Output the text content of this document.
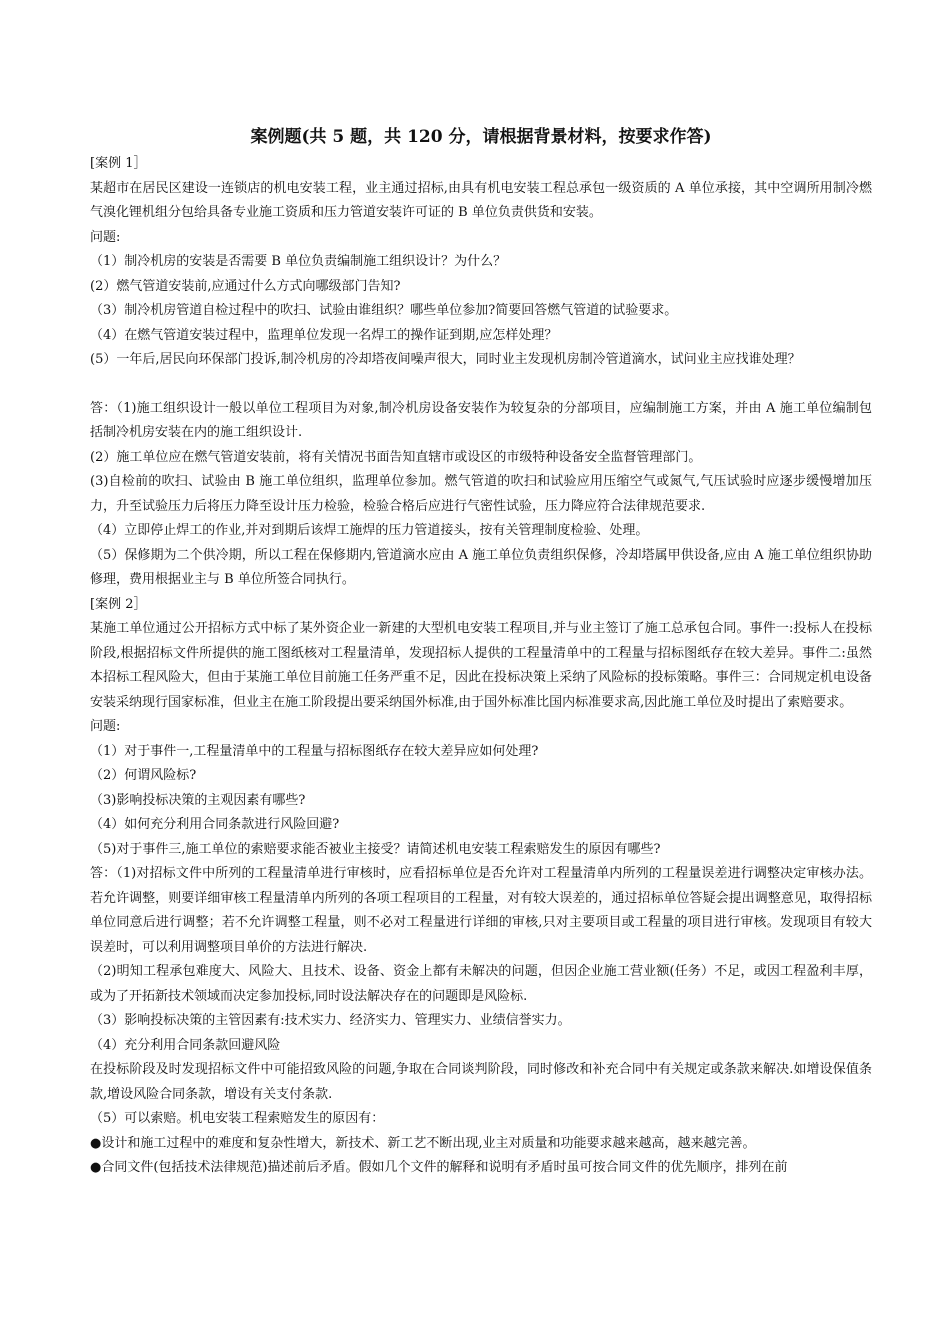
案例题(共 5 题，共 120 分，请根据背景材料，按要求作答)

[案例 1］

某超市在居民区建设一连锁店的机电安装工程，业主通过招标,由具有机电安装工程总承包一级资质的 A 单位承接，其中空调所用制冷燃气溴化锂机组分包给具备专业施工资质和压力管道安装许可证的 B 单位负责供货和安装。

问题:

（1）制冷机房的安装是否需要 B 单位负责编制施工组织设计？为什么？

(2）燃气管道安装前,应通过什么方式向哪级部门告知?

（3）制冷机房管道自检过程中的吹扫、试验由谁组织？哪些单位参加?简要回答燃气管道的试验要求。

（4）在燃气管道安装过程中，监理单位发现一名焊工的操作证到期,应怎样处理？

(5）一年后,居民向环保部门投诉,制冷机房的冷却塔夜间噪声很大，同时业主发现机房制冷管道滴水，试问业主应找谁处理？

答：（1)施工组织设计一般以单位工程项目为对象,制冷机房设备安装作为较复杂的分部项目，应编制施工方案，并由 A 施工单位编制包括制冷机房安装在内的施工组织设计.

(2）施工单位应在燃气管道安装前，将有关情况书面告知直辖市或设区的市级特种设备安全监督管理部门。

(3)自检前的吹扫、试验由 B 施工单位组织，监理单位参加。燃气管道的吹扫和试验应用压缩空气或氮气,气压试验时应逐步缓慢增加压力，升至试验压力后将压力降至设计压力检验，检验合格后应进行气密性试验，压力降应符合法律规范要求.

（4）立即停止焊工的作业,并对到期后该焊工施焊的压力管道接头，按有关管理制度检验、处理。

（5）保修期为二个供冷期，所以工程在保修期内,管道滴水应由 A 施工单位负责组织保修，冷却塔属甲供设备,应由 A 施工单位组织协助修理，费用根据业主与 B 单位所签合同执行。

[案例 2］

某施工单位通过公开招标方式中标了某外资企业一新建的大型机电安装工程项目,并与业主签订了施工总承包合同。事件一:投标人在投标阶段,根据招标文件所提供的施工图纸核对工程量清单，发现招标人提供的工程量清单中的工程量与招标图纸存在较大差异。事件二:虽然本招标工程风险大，但由于某施工单位目前施工任务严重不足，因此在投标决策上采纳了风险标的投标策略。事件三：合同规定机电设备安装采纳现行国家标准，但业主在施工阶段提出要采纳国外标准,由于国外标准比国内标准要求高,因此施工单位及时提出了索赔要求。

问题:

（1）对于事件一,工程量清单中的工程量与招标图纸存在较大差异应如何处理?

（2）何谓风险标?

（3)影响投标决策的主观因素有哪些?

（4）如何充分利用合同条款进行风险回避?

（5)对于事件三,施工单位的索赔要求能否被业主接受？请简述机电安装工程索赔发生的原因有哪些?

答：（1)对招标文件中所列的工程量清单进行审核时，应看招标单位是否允许对工程量清单内所列的工程量误差进行调整决定审核办法。若允许调整，则要详细审核工程量清单内所列的各项工程项目的工程量，对有较大误差的，通过招标单位答疑会提出调整意见，取得招标单位同意后进行调整；若不允许调整工程量，则不必对工程量进行详细的审核,只对主要项目或工程量的项目进行审核。发现项目有较大误差时，可以利用调整项目单价的方法进行解决.

（2)明知工程承包难度大、风险大、且技术、设备、资金上都有未解决的问题，但因企业施工营业额(任务）不足，或因工程盈利丰厚，或为了开拓新技术领域而决定参加投标,同时设法解决存在的问题即是风险标.

（3）影响投标决策的主管因素有:技术实力、经济实力、管理实力、业绩信誉实力。

（4）充分利用合同条款回避风险

在投标阶段及时发现招标文件中可能招致风险的问题,争取在合同谈判阶段，同时修改和补充合同中有关规定或条款来解决.如增设保值条款,增设风险合同条款，增设有关支付条款.

（5）可以索赔。机电安装工程索赔发生的原因有：

●设计和施工过程中的难度和复杂性增大，新技术、新工艺不断出现,业主对质量和功能要求越来越高，越来越完善。

●合同文件(包括技术法律规范)描述前后矛盾。假如几个文件的解释和说明有矛盾时虽可按合同文件的优先顺序，排列在前
